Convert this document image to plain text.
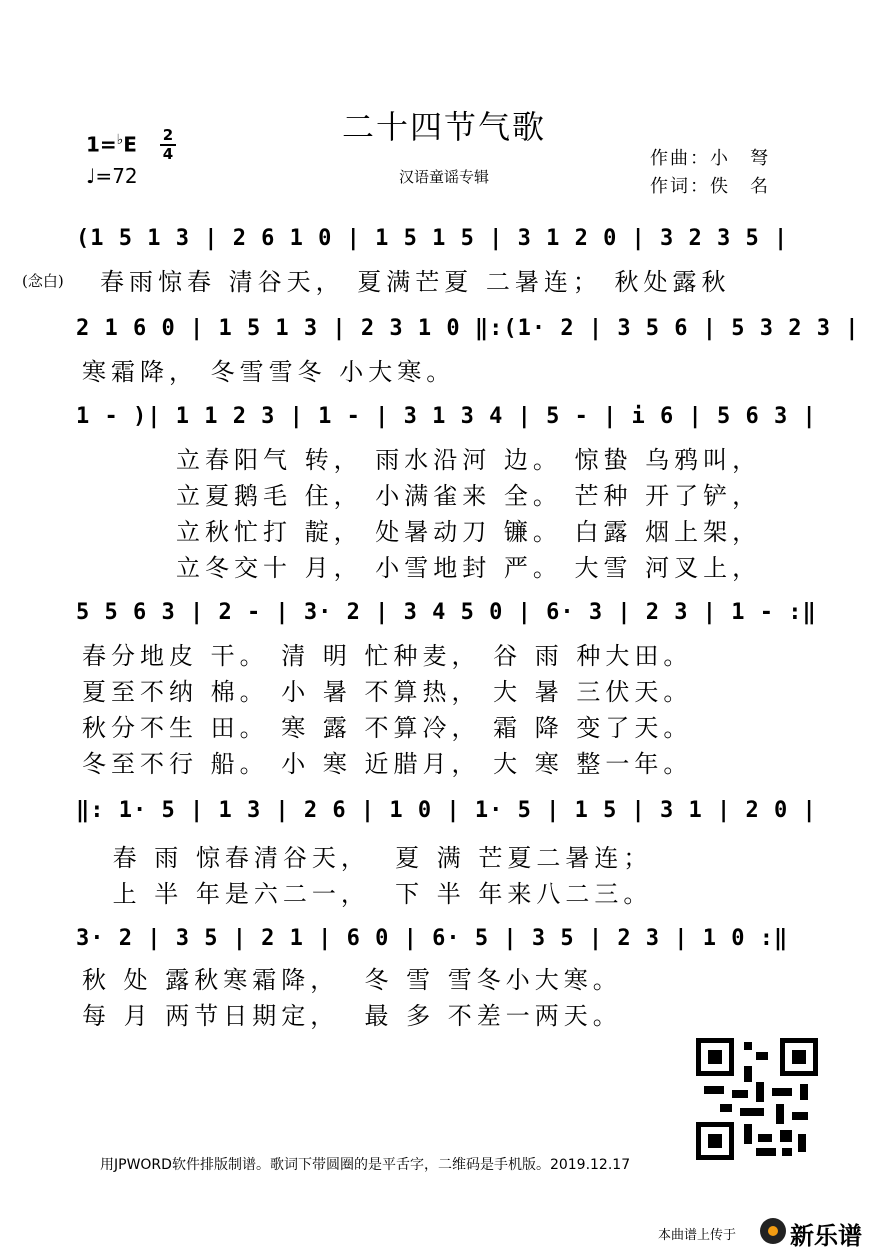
二十四节气歌
汉语童谣专辑
1=♭E 2
4
♩=72
作曲：小　弩
作词：佚　名
(1 5 1 3 | 2 6 1 0 | 1 5 1 5 | 3 1 2 0 | 3 2 3 5 |
(念白) 春雨惊春 清谷天， 夏满芒夏 二暑连； 秋处露秋
2 1 6 0 | 1 5 1 3 | 2 3 1 0 ‖:(1· 2 | 3 5 6 | 5 3 2 3 |
寒霜降， 冬雪雪冬 小大寒。
1 - )| 1 1 2 3 | 1 - | 3 1 3 4 | 5 - | i 6 | 5 6 3 |
立春阳气 转， 雨水沿河 边。 惊蛰 乌鸦叫，
立夏鹅毛 住， 小满雀来 全。 芒种 开了铲，
立秋忙打 靛， 处暑动刀 镰。 白露 烟上架，
立冬交十 月， 小雪地封 严。 大雪 河叉上，
5 5 6 3 | 2 - | 3· 2 | 3 4 5 0 | 6· 3 | 2 3 | 1 - :‖
春分地皮 干。 清 明 忙种麦， 谷 雨 种大田。
夏至不纳 棉。 小 暑 不算热， 大 暑 三伏天。
秋分不生 田。 寒 露 不算冷， 霜 降 变了天。
冬至不行 船。 小 寒 近腊月， 大 寒 整一年。
‖: 1· 5 | 1 3 | 2 6 | 1 0 | 1· 5 | 1 5 | 3 1 | 2 0 |
春 雨 惊春清谷天，  夏 满 芒夏二暑连；
上 半 年是六二一，  下 半 年来八二三。
3· 2 | 3 5 | 2 1 | 6 0 | 6· 5 | 3 5 | 2 3 | 1 0 :‖
秋 处 露秋寒霜降，  冬 雪 雪冬小大寒。
每 月 两节日期定，  最 多 不差一两天。
用JPWORD软件排版制谱。歌词下带圆圈的是平舌字，二维码是手机版。2019.12.17
本曲谱上传于 新乐谱
